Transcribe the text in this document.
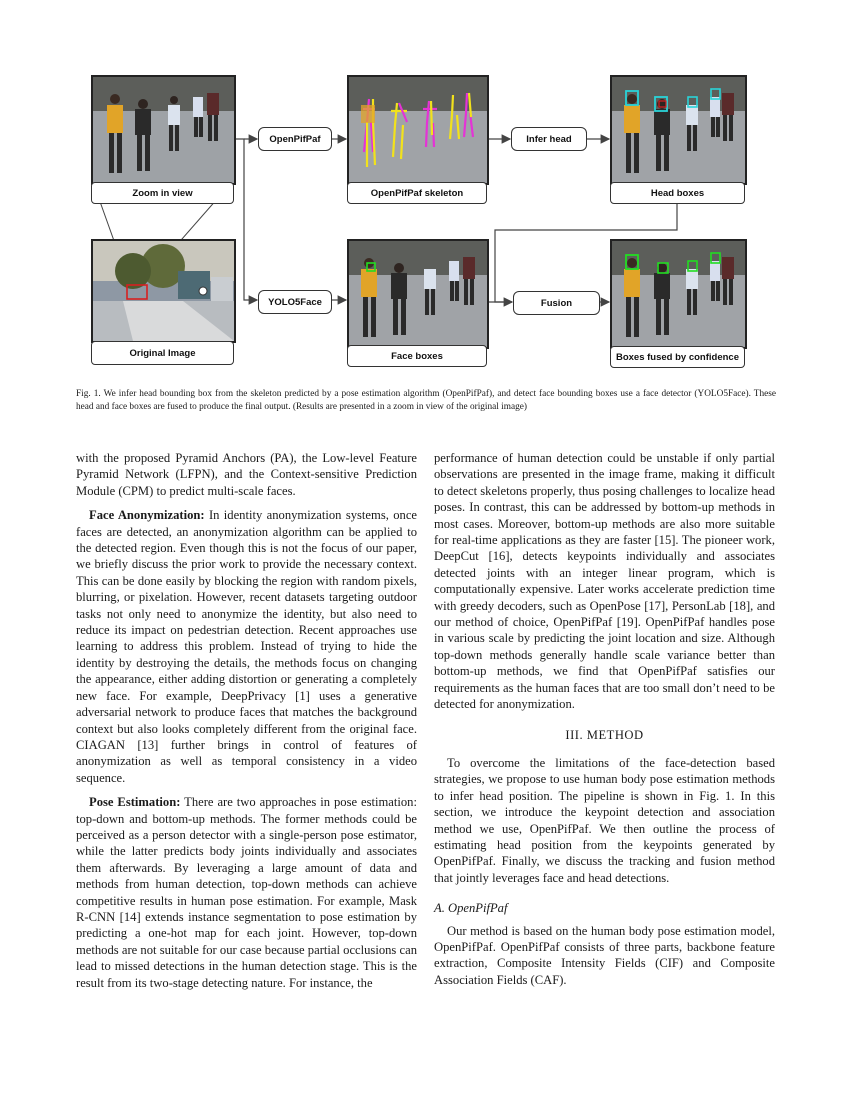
Zoom in view
Original Image
OpenPifPaf
YOLO5Face
OpenPifPaf skeleton
Face boxes
Infer head
Fusion
Head boxes
Boxes fused by confidence
Fig. 1. We infer head bounding box from the skeleton predicted by a pose estimation algorithm (OpenPifPaf), and detect face bounding boxes use a face detector (YOLO5Face). These head and face boxes are fused to produce the final output. (Results are presented in a zoom in view of the original image)

with the proposed Pyramid Anchors (PA), the Low-level Feature Pyramid Network (LFPN), and the Context-sensitive Prediction Module (CPM) to predict multi-scale faces.

Face Anonymization: In identity anonymization systems, once faces are detected, an anonymization algorithm can be applied to the detected region. Even though this is not the focus of our paper, we briefly discuss the prior work to provide the necessary context. This can be done easily by blocking the region with random pixels, blurring, or pixelation. However, recent datasets targeting outdoor tasks not only need to anonymize the identity, but also need to reduce its impact on pedestrian detection. Recent approaches use learning to address this problem. Instead of trying to hide the identity by destroying the details, the methods focus on changing the appearance, either adding distortion or generating a completely new face. For example, DeepPrivacy [1] uses a generative adversarial network to produce faces that matches the background context but also looks completely different from the original face. CIAGAN [13] further brings in control of features of anonymization as well as temporal consistency in a video sequence.

Pose Estimation: There are two approaches in pose estimation: top-down and bottom-up methods. The former methods could be perceived as a person detector with a single-person pose estimator, while the latter predicts body joints individually and associates them afterwards. By leveraging a large amount of data and methods from human detection, top-down methods can achieve competitive results in human pose estimation. For example, Mask R-CNN [14] extends instance segmentation to pose estimation by predicting a one-hot map for each joint. However, top-down methods are not suitable for our case because partial occlusions can lead to missed detections in the human detection stage. This is the result from its two-stage detecting nature. For instance, the

performance of human detection could be unstable if only partial observations are presented in the image frame, making it difficult to detect skeletons properly, thus posing challenges to localize head poses. In contrast, this can be addressed by bottom-up methods in most cases. Moreover, bottom-up methods are also more suitable for real-time applications as they are faster [15]. The pioneer work, DeepCut [16], detects keypoints individually and associates detected joints with an integer linear program, which is computationally expensive. Later works accelerate prediction time with greedy decoders, such as OpenPose [17], PersonLab [18], and our method of choice, OpenPifPaf [19]. OpenPifPaf handles pose in various scale by predicting the joint location and size. Although top-down methods generally handle scale variance better than bottom-up methods, we find that OpenPifPaf satisfies our requirements as the human faces that are too small don’t need to be detected for anonymization.

III. METHOD

To overcome the limitations of the face-detection based strategies, we propose to use human body pose estimation methods to infer head position. The pipeline is shown in Fig. 1. In this section, we introduce the keypoint detection and association method we use, OpenPifPaf. We then outline the process of estimating head position from the keypoints generated by OpenPifPaf. Finally, we discuss the tracking and fusion method that jointly leverages face and head detections.

A. OpenPifPaf

Our method is based on the human body pose estimation model, OpenPifPaf. OpenPifPaf consists of three parts, backbone feature extraction, Composite Intensity Fields (CIF) and Composite Association Fields (CAF).
